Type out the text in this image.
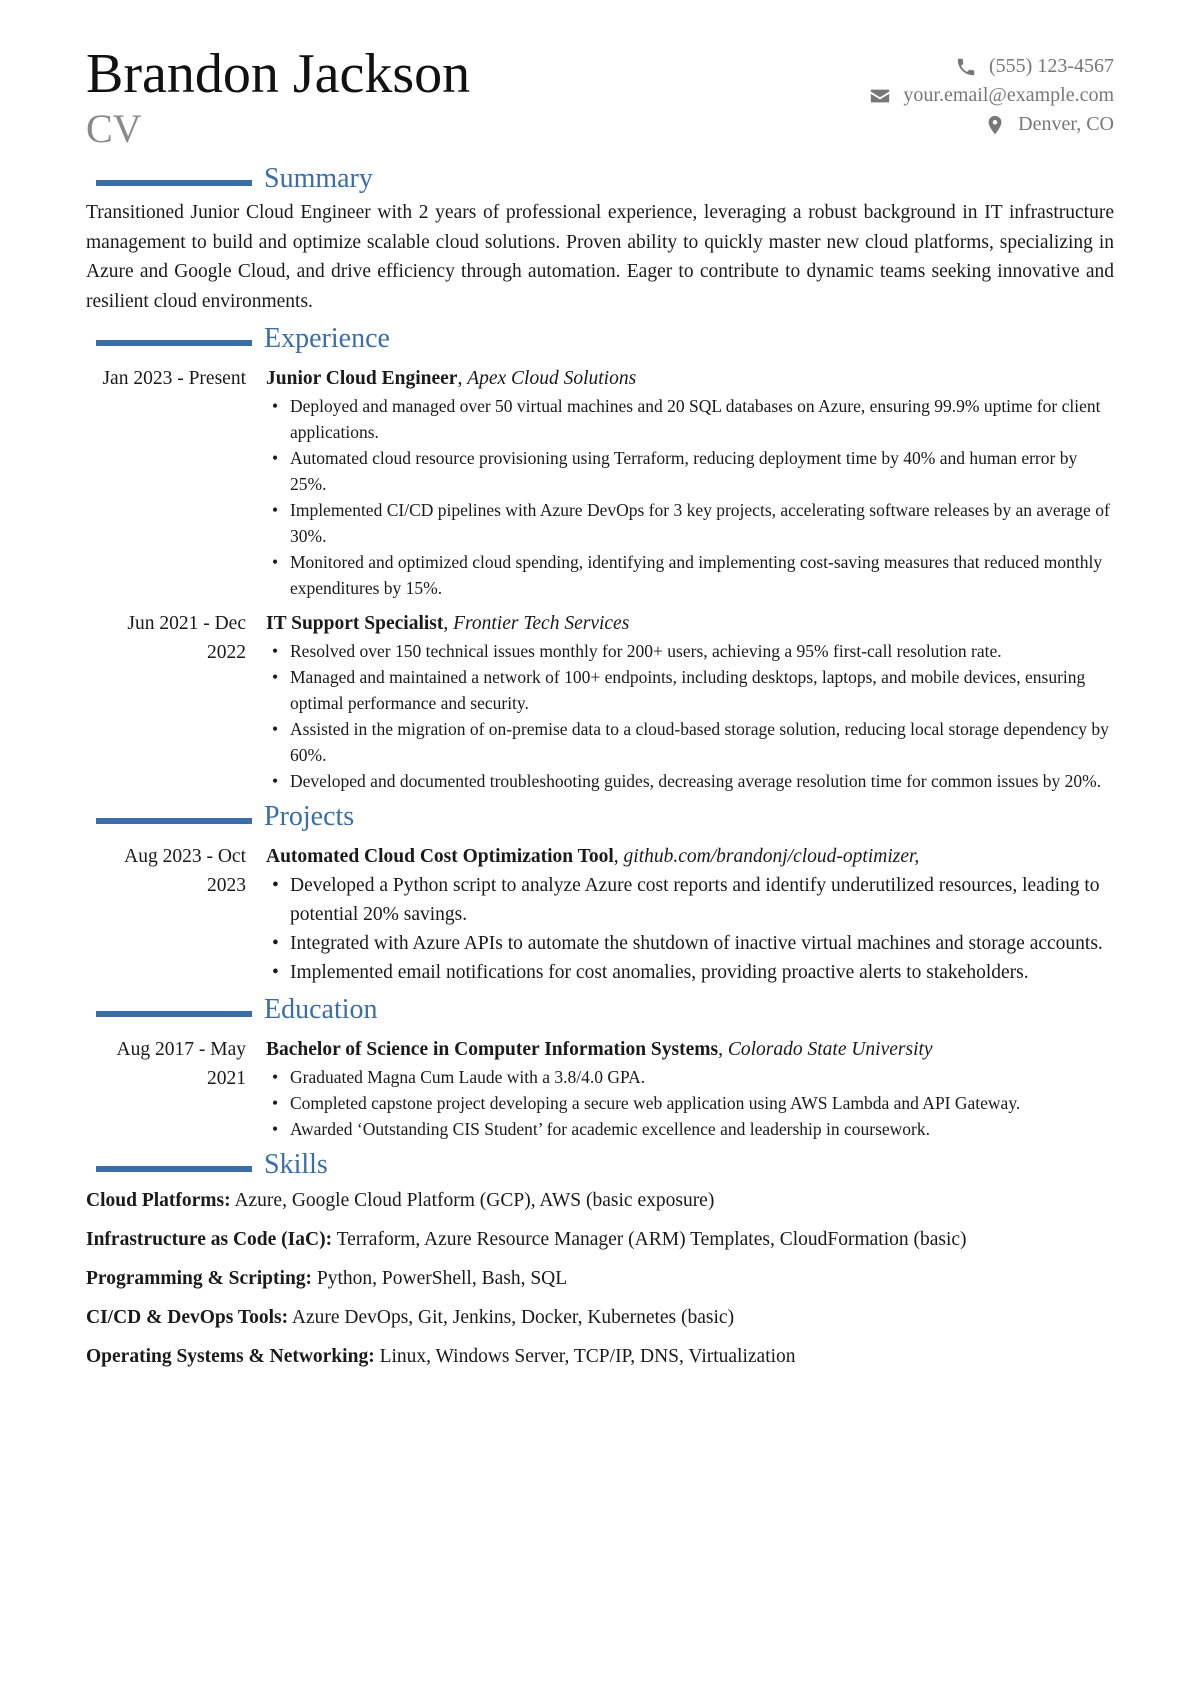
Brandon Jackson
CV
(555) 123-4567
your.email@example.com
Denver, CO
Summary

Transitioned Junior Cloud Engineer with 2 years of professional experience, leveraging a robust background in IT infrastructure management to build and optimize scalable cloud solutions. Proven ability to quickly master new cloud platforms, specializing in Azure and Google Cloud, and drive efficiency through automation. Eager to contribute to dynamic teams seeking innovative and resilient cloud environments.

Experience
Jan 2023 - Present Junior Cloud Engineer, Apex Cloud Solutions
• Deployed and managed over 50 virtual machines and 20 SQL databases on Azure, ensuring 99.9% uptime for client applications.
• Automated cloud resource provisioning using Terraform, reducing deployment time by 40% and human error by 25%.
• Implemented CI/CD pipelines with Azure DevOps for 3 key projects, accelerating software releases by an average of 30%.
• Monitored and optimized cloud spending, identifying and implementing cost-saving measures that reduced monthly expenditures by 15%.
Jun 2021 - Dec 2022
IT Support Specialist, Frontier Tech Services
• Resolved over 150 technical issues monthly for 200+ users, achieving a 95% first-call resolution rate.
• Managed and maintained a network of 100+ endpoints, including desktops, laptops, and mobile devices, ensuring optimal performance and security.
• Assisted in the migration of on-premise data to a cloud-based storage solution, reducing local storage dependency by 60%.
• Developed and documented troubleshooting guides, decreasing average resolution time for common issues by 20%.
Projects
Aug 2023 - Oct 2023
Automated Cloud Cost Optimization Tool, github.com/brandonj/cloud-optimizer,
• Developed a Python script to analyze Azure cost reports and identify underutilized resources, leading to potential 20% savings.
• Integrated with Azure APIs to automate the shutdown of inactive virtual machines and storage accounts.
• Implemented email notifications for cost anomalies, providing proactive alerts to stakeholders.
Education
Aug 2017 - May 2021
Bachelor of Science in Computer Information Systems, Colorado State University
• Graduated Magna Cum Laude with a 3.8/4.0 GPA.
• Completed capstone project developing a secure web application using AWS Lambda and API Gateway.
• Awarded ‘Outstanding CIS Student’ for academic excellence and leadership in coursework.
Skills
Cloud Platforms: Azure, Google Cloud Platform (GCP), AWS (basic exposure)
Infrastructure as Code (IaC): Terraform, Azure Resource Manager (ARM) Templates, CloudFormation (basic)
Programming & Scripting: Python, PowerShell, Bash, SQL
CI/CD & DevOps Tools: Azure DevOps, Git, Jenkins, Docker, Kubernetes (basic)
Operating Systems & Networking: Linux, Windows Server, TCP/IP, DNS, Virtualization
